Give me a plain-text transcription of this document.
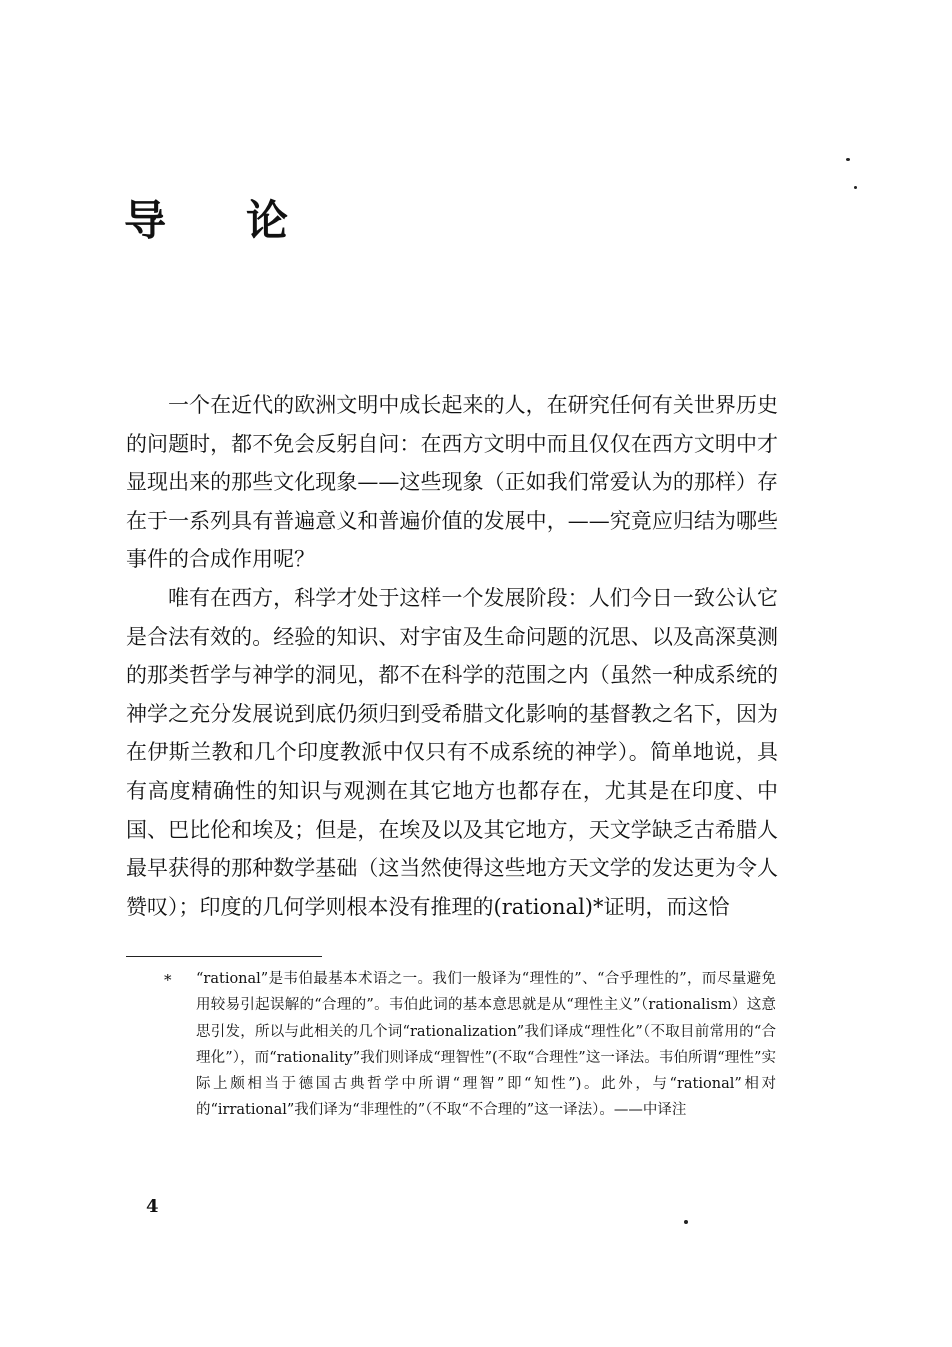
导 论

一个在近代的欧洲文明中成长起来的人，在研究任何有关世界历史的问题时，都不免会反躬自问：在西方文明中而且仅仅在西方文明中才显现出来的那些文化现象——这些现象（正如我们常爱认为的那样）存在于一系列具有普遍意义和普遍价值的发展中，——究竟应归结为哪些事件的合成作用呢？

唯有在西方，科学才处于这样一个发展阶段：人们今日一致公认它是合法有效的。经验的知识、对宇宙及生命问题的沉思、以及高深莫测的那类哲学与神学的洞见，都不在科学的范围之内（虽然一种成系统的神学之充分发展说到底仍须归到受希腊文化影响的基督教之名下，因为在伊斯兰教和几个印度教派中仅只有不成系统的神学）。简单地说，具有高度精确性的知识与观测在其它地方也都存在，尤其是在印度、中国、巴比伦和埃及；但是，在埃及以及其它地方，天文学缺乏古希腊人最早获得的那种数学基础（这当然使得这些地方天文学的发达更为令人赞叹）；印度的几何学则根本没有推理的(rational)*证明，而这恰

* “rational”是韦伯最基本术语之一。我们一般译为“理性的”、“合乎理性的”，而尽量避免用较易引起误解的“合理的”。韦伯此词的基本意思就是从“理性主义”（rationalism）这意思引发，所以与此相关的几个词“rationalization”我们译成“理性化”（不取目前常用的“合理化”），而“rationality”我们则译成“理智性”(不取“合理性”这一译法。韦伯所谓“理性”实际上颇相当于德国古典哲学中所谓“理智”即“知性”)。此外，与“rational”相对的“irrational”我们译为“非理性的”（不取“不合理的”这一译法）。——中译注
4
